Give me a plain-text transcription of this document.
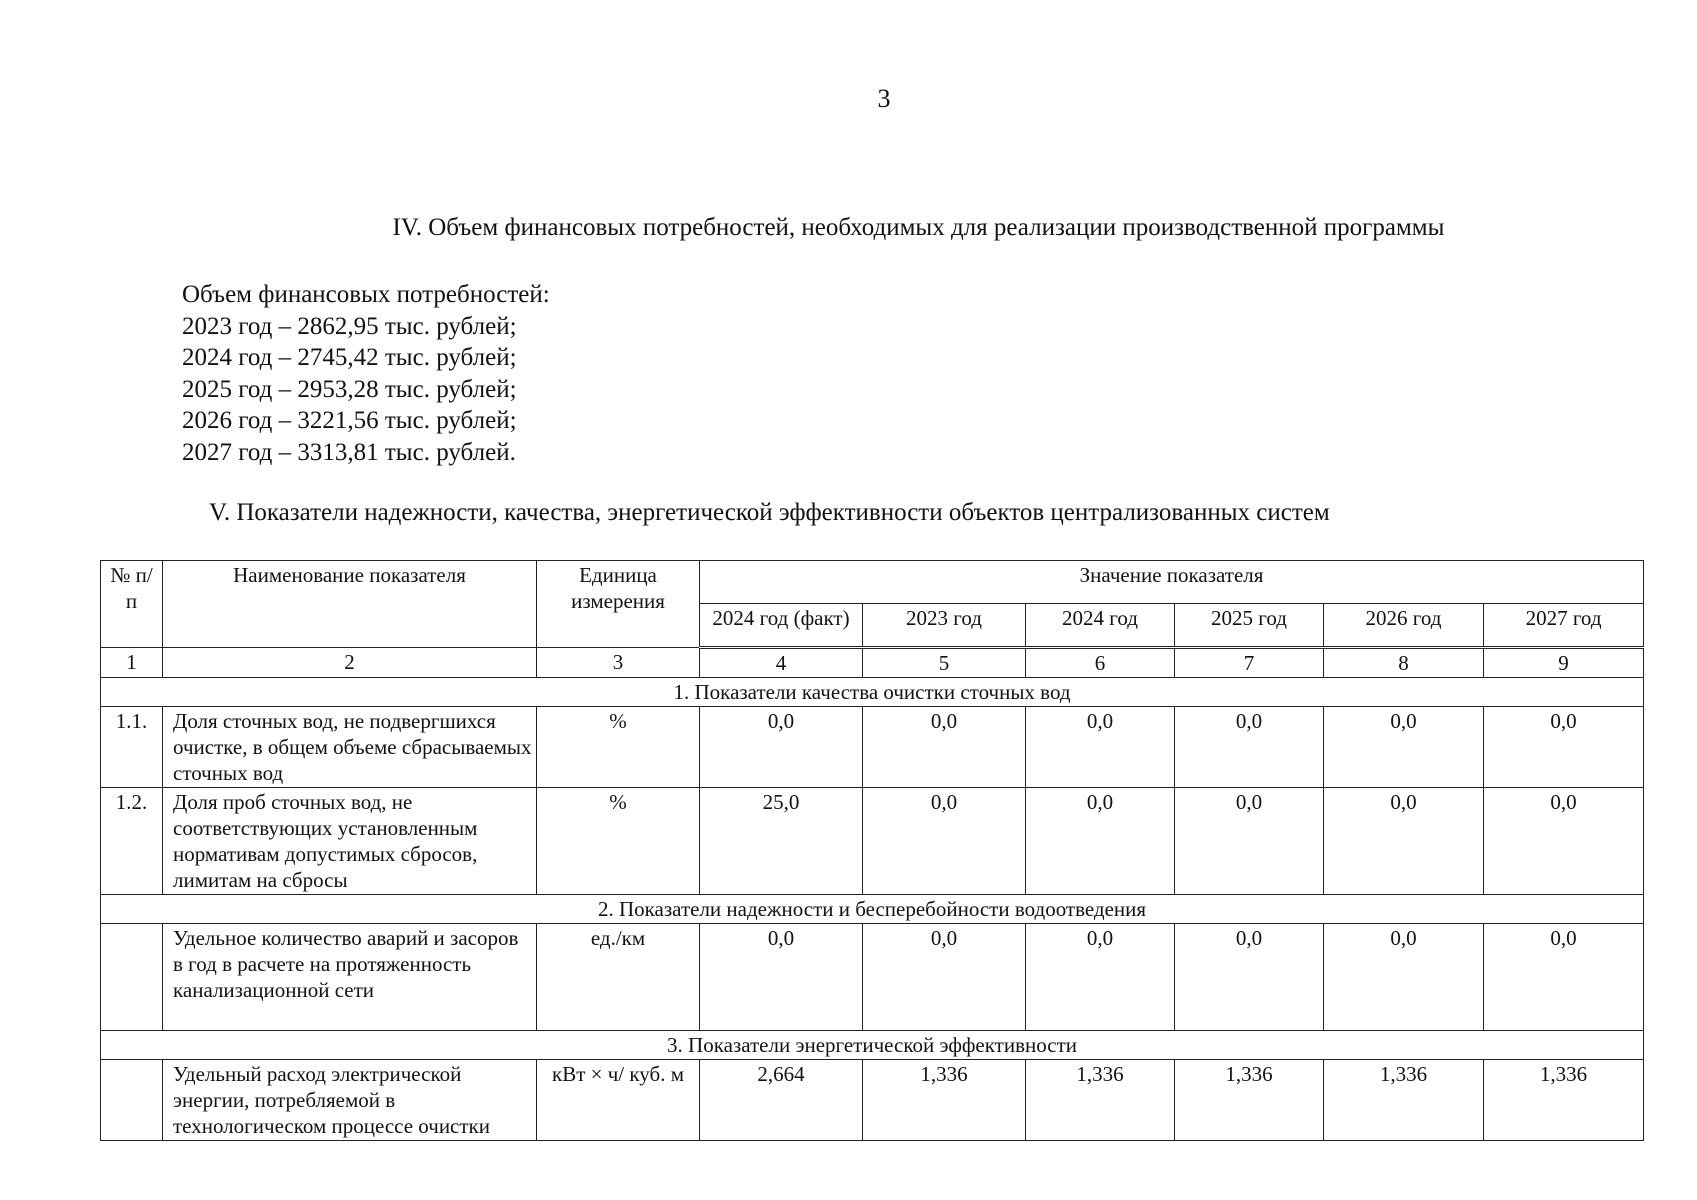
3
IV. Объем финансовых потребностей, необходимых для реализации производственной программы
Объем финансовых потребностей:
2023 год – 2862,95 тыс. рублей;
2024 год – 2745,42 тыс. рублей;
2025 год – 2953,28 тыс. рублей;
2026 год – 3221,56 тыс. рублей;
2027 год – 3313,81 тыс. рублей.
V. Показатели надежности, качества, энергетической эффективности объектов централизованных систем
№ п/п	Наименование показателя	Единица измерения	Значение показателя					
			2024 год (факт)	2023 год	2024 год	2025 год	2026 год	2027 год
1	2	3	4	5	6	7	8	9
1. Показатели качества очистки сточных вод								
1.1.	Доля сточных вод, не подвергшихся очистке, в общем объеме сбрасываемых сточных вод	%	0,0	0,0	0,0	0,0	0,0	0,0
1.2.	Доля проб сточных вод, не соответствующих установленным нормативам допустимых сбросов, лимитам на сбросы	%	25,0	0,0	0,0	0,0	0,0	0,0
2. Показатели надежности и бесперебойности водоотведения								
	Удельное количество аварий и засоров в год в расчете на протяженность канализационной сети	ед./км	0,0	0,0	0,0	0,0	0,0	0,0
3. Показатели энергетической эффективности								
	Удельный расход электрической энергии, потребляемой в технологическом процессе очистки	кВт × ч/ куб. м	2,664	1,336	1,336	1,336	1,336	1,336
